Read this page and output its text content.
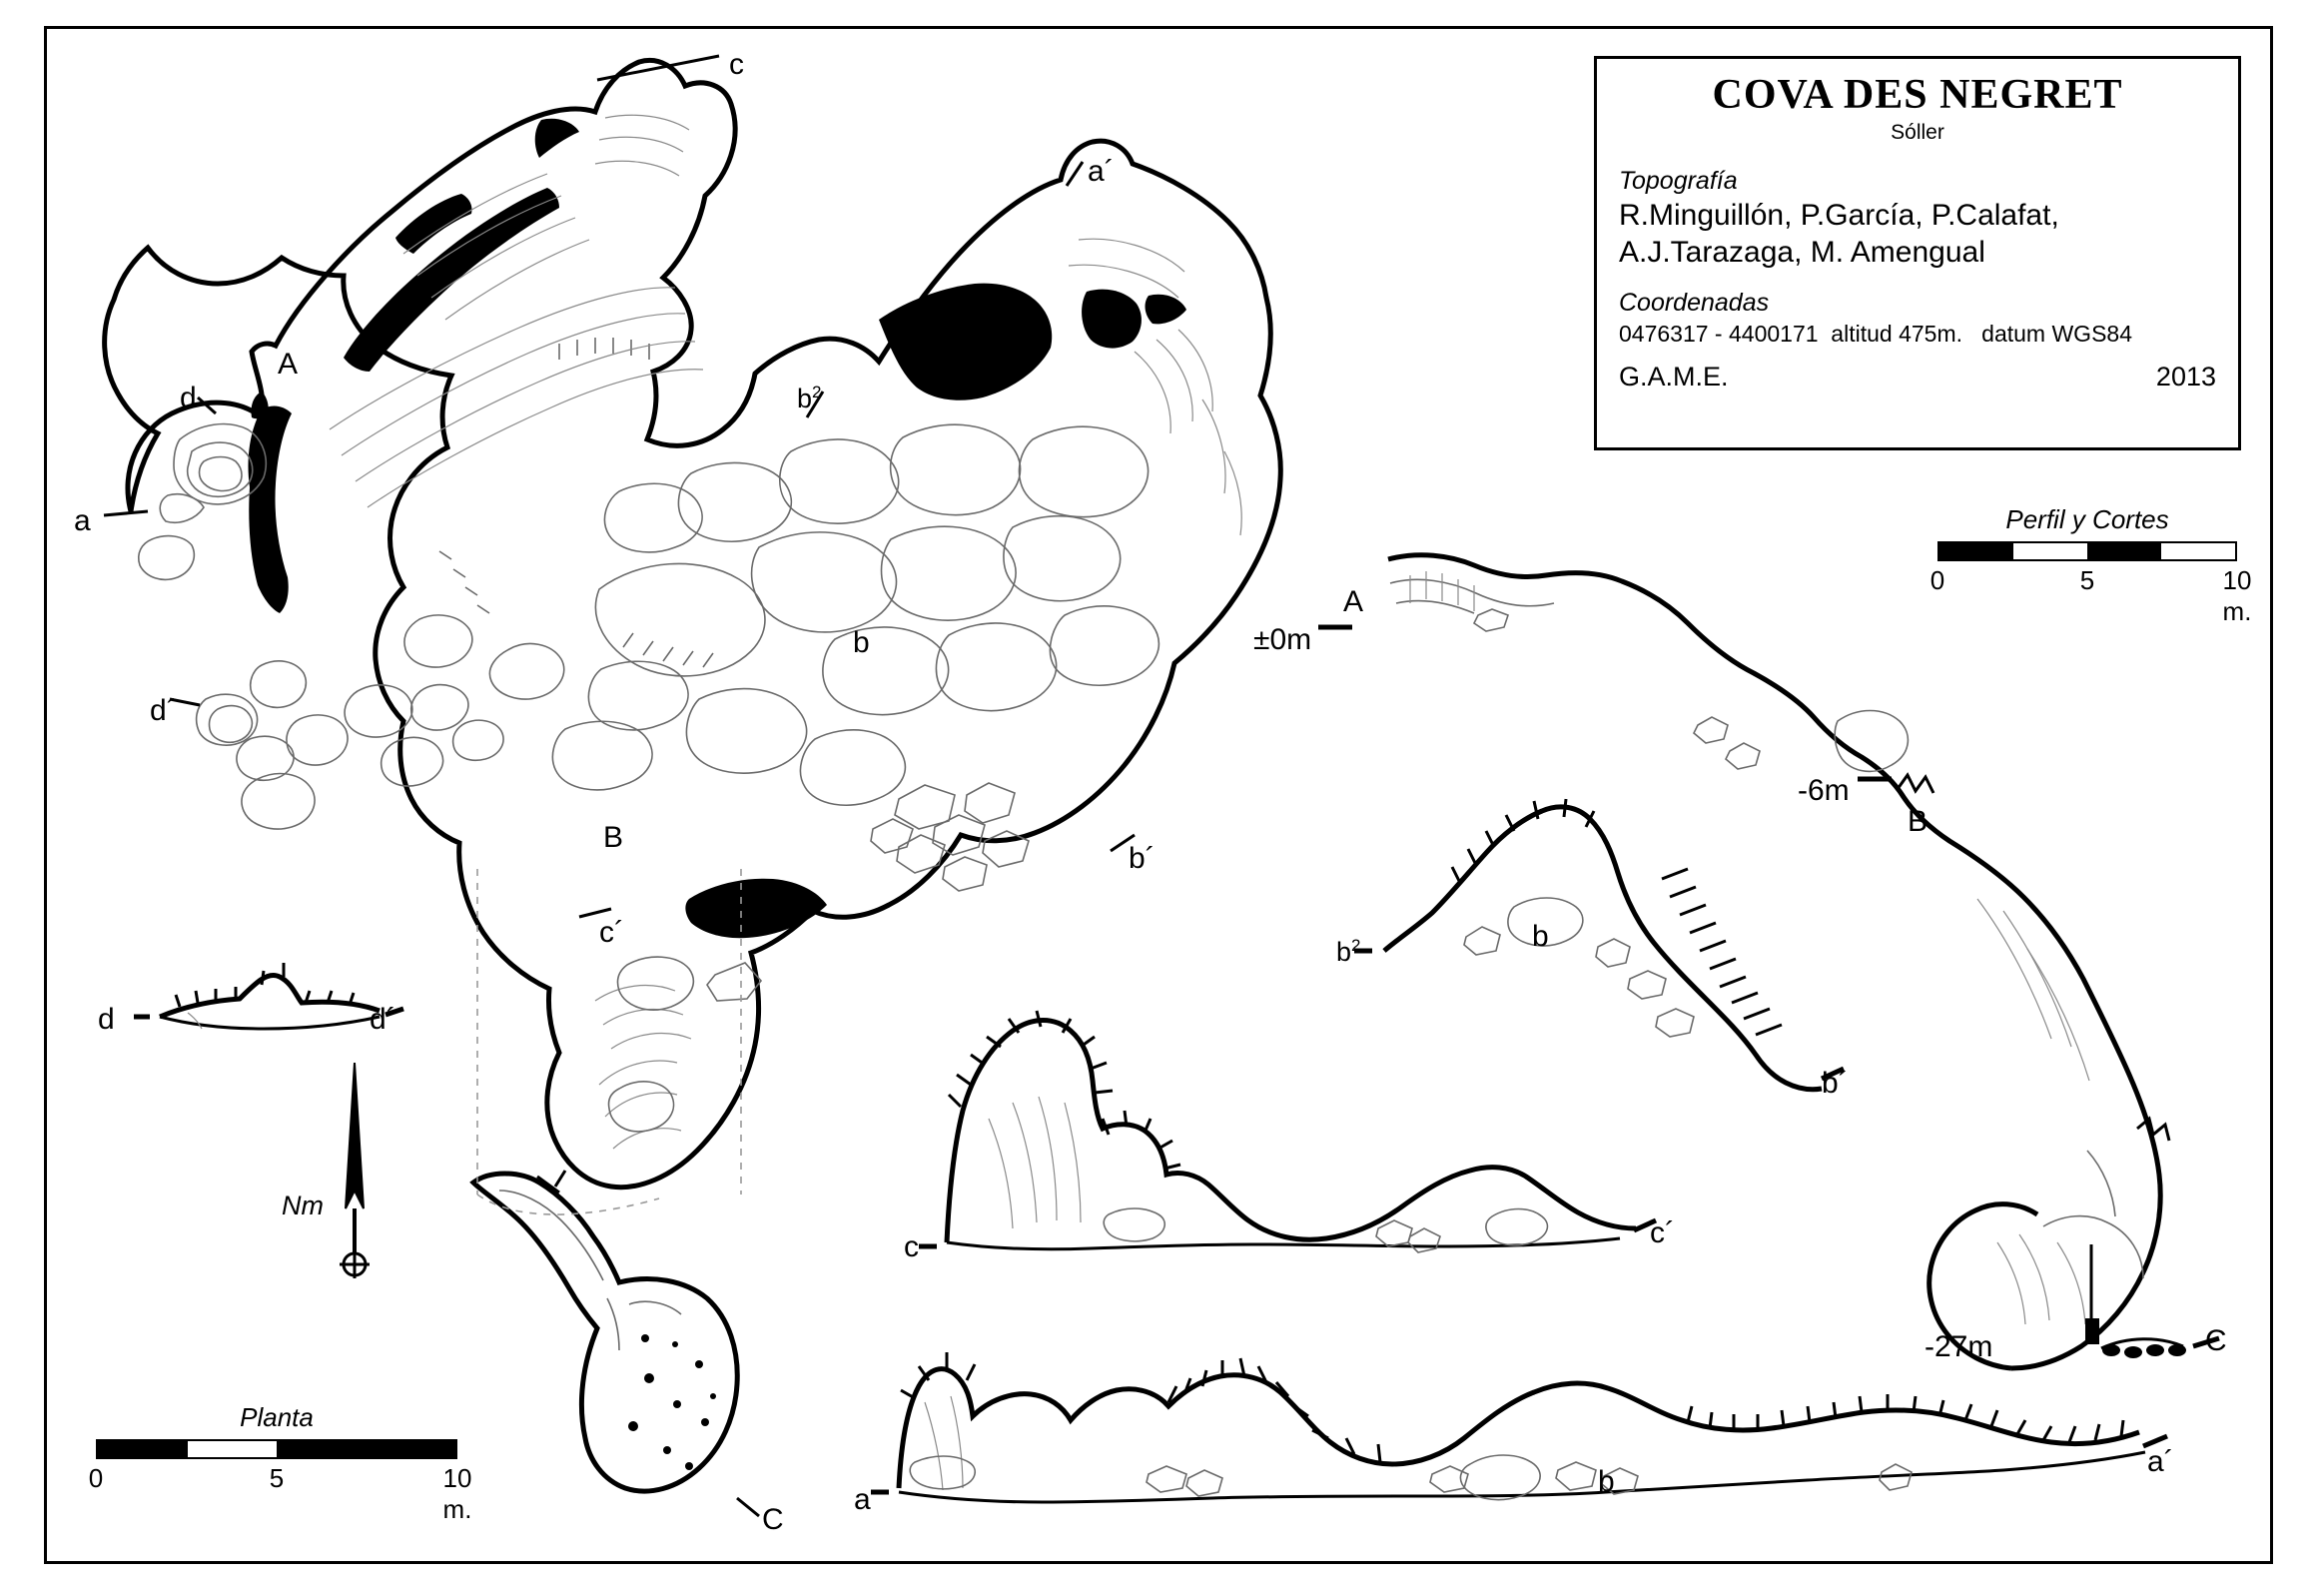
COVA DES NEGRET
Sóller
Topografía
R.Minguillón, P.García, P.Calafat,
A.J.Tarazaga, M. Amengual
Coordenadas
0476317 - 4400171  altitud 475m.   datum WGS84
G.A.M.E.	2013
c
a´
A
d
a
$b^2$
b
d´
B
b´
c´
C
d	d´
A
±0m
-6m
B
$b^2$	b
b´
c	c´
-27m	C
a
b
a´
Nm
Planta
0	5	10 m.
Perfil y Cortes
0	5	10 m.
